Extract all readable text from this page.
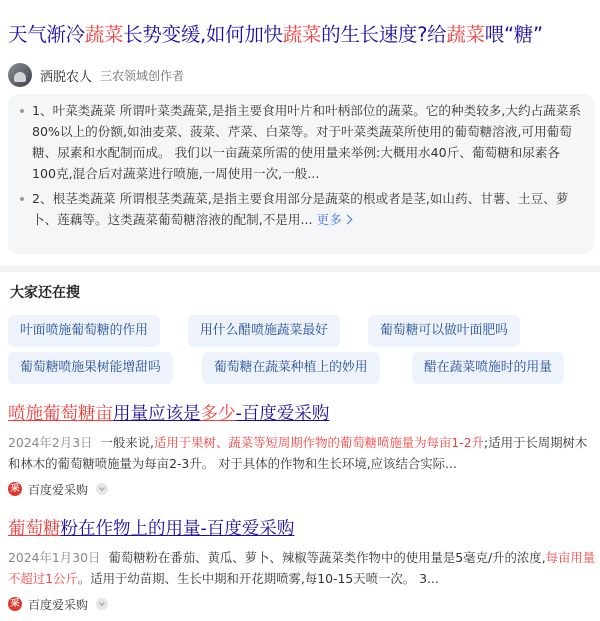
天气渐冷蔬菜长势变缓,如何加快蔬菜的生长速度?给蔬菜喂“糖”
洒脱农人 三农领域创作者
1、叶菜类蔬菜 所谓叶菜类蔬菜,是指主要食用叶片和叶柄部位的蔬菜。它的种类较多,大约占蔬菜系80%以上的份额,如油麦菜、菠菜、芹菜、白菜等。对于叶菜类蔬菜所使用的葡萄糖溶液,可用葡萄糖、尿素和水配制而成。 我们以一亩蔬菜所需的使用量来举例:大概用水40斤、葡萄糖和尿素各100克,混合后对蔬菜进行喷施,一周使用一次,一般...
2、根茎类蔬菜 所谓根茎类蔬菜,是指主要食用部分是蔬菜的根或者是茎,如山药、甘薯、土豆、萝卜、莲藕等。这类蔬菜葡萄糖溶液的配制,不是用... 更多
大家还在搜
叶面喷施葡萄糖的作用	用什么醋喷施蔬菜最好	葡萄糖可以做叶面肥吗
葡萄糖喷施果树能增甜吗	葡萄糖在蔬菜种植上的妙用	醋在蔬菜喷施时的用量
喷施葡萄糖亩用量应该是多少-百度爱采购
2024年2月3日 一般来说,适用于果树、蔬菜等短周期作物的葡萄糖喷施量为每亩1-2升;适用于长周期树木和林木的葡萄糖喷施量为每亩2-3升。 对于具体的作物和生长环境,应该结合实际...
采 百度爱采购
葡萄糖粉在作物上的用量-百度爱采购
2024年1月30日 葡萄糖粉在番茄、黄瓜、萝卜、辣椒等蔬菜类作物中的使用量是5毫克/升的浓度,每亩用量不超过1公斤。适用于幼苗期、生长中期和开花期喷雾,每10-15天喷一次。 3...
采 百度爱采购
